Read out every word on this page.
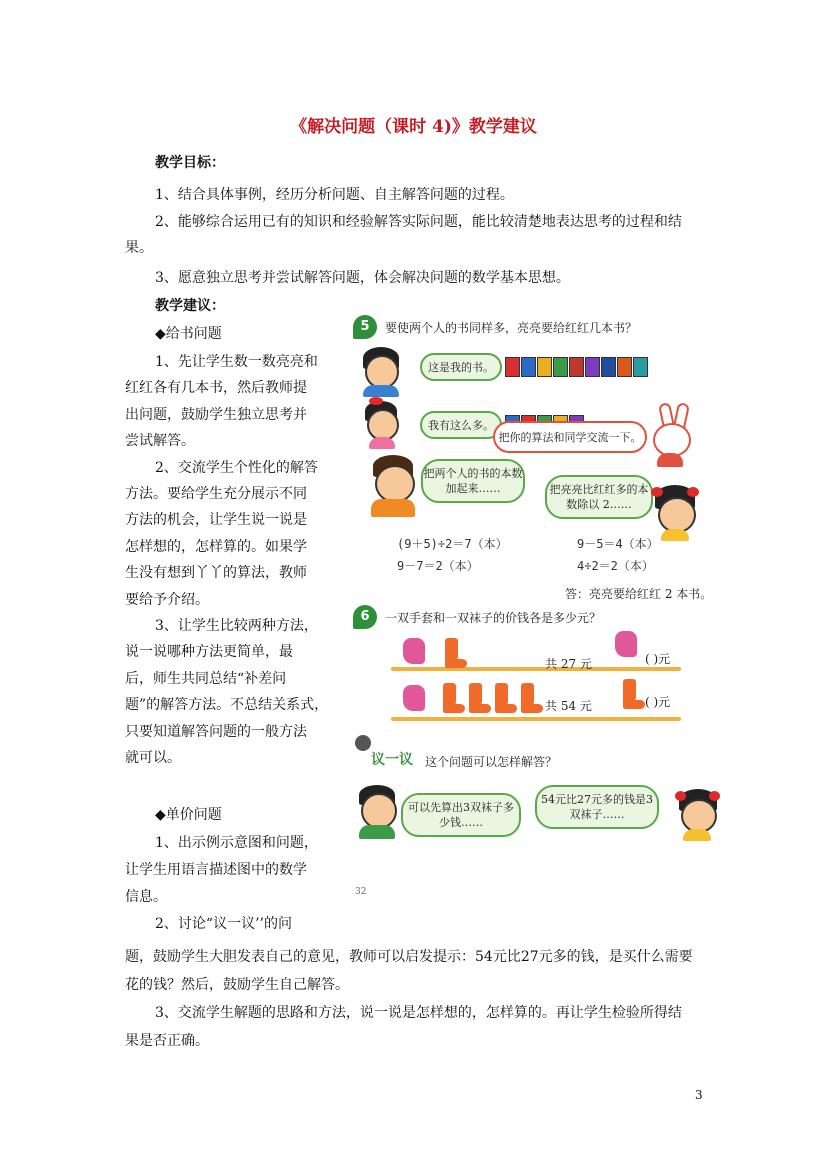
《解决问题（课时 4)》教学建议
教学目标：
1、结合具体事例，经历分析问题、自主解答问题的过程。
2、能够综合运用已有的知识和经验解答实际问题，能比较清楚地表达思考的过程和结
果。
3、愿意独立思考并尝试解答问题，体会解决问题的数学基本思想。
教学建议：
◆给书问题
1、先让学生数一数亮亮和
红红各有几本书，然后教师提
出问题，鼓励学生独立思考并
尝试解答。
2、交流学生个性化的解答
方法。要给学生充分展示不同
方法的机会，让学生说一说是
怎样想的，怎样算的。如果学
生没有想到丫丫的算法，教师
要给予介绍。
3、让学生比较两种方法，
说一说哪种方法更简单，最
后，师生共同总结“补差问
题”的解答方法。不总结关系式，
只要知道解答问题的一般方法
就可以。
◆单价问题
1、出示例示意图和问题，
让学生用语言描述图中的数学
信息。
2、讨论“议一议’’的问
题，鼓励学生大胆发表自己的意见，教师可以启发提示：54元比27元多的钱，是买什么需要
花的钱？然后，鼓励学生自己解答。
3、交流学生解题的思路和方法，说一说是怎样想的，怎样算的。再让学生检验所得结
果是否正确。
5	要使两个人的书同样多，亮亮要给红红几本书？
这是我的书。
我有这么多。
把你的算法和同学交流一下。
把两个人的书的本数加起来……	把亮亮比红红多的本数除以 2……
(9＋5)÷2＝7（本）
9－7＝2（本）
9－5＝4（本）
4÷2＝2（本）
答：亮亮要给红红 2 本书。
6	一双手套和一双袜子的价钱各是多少元？
共 27 元	( )元
共 54 元	( )元
议一议 这个问题可以怎样解答？
可以先算出3双袜子多少钱……
54元比27元多的钱是3双袜子……
32
3
